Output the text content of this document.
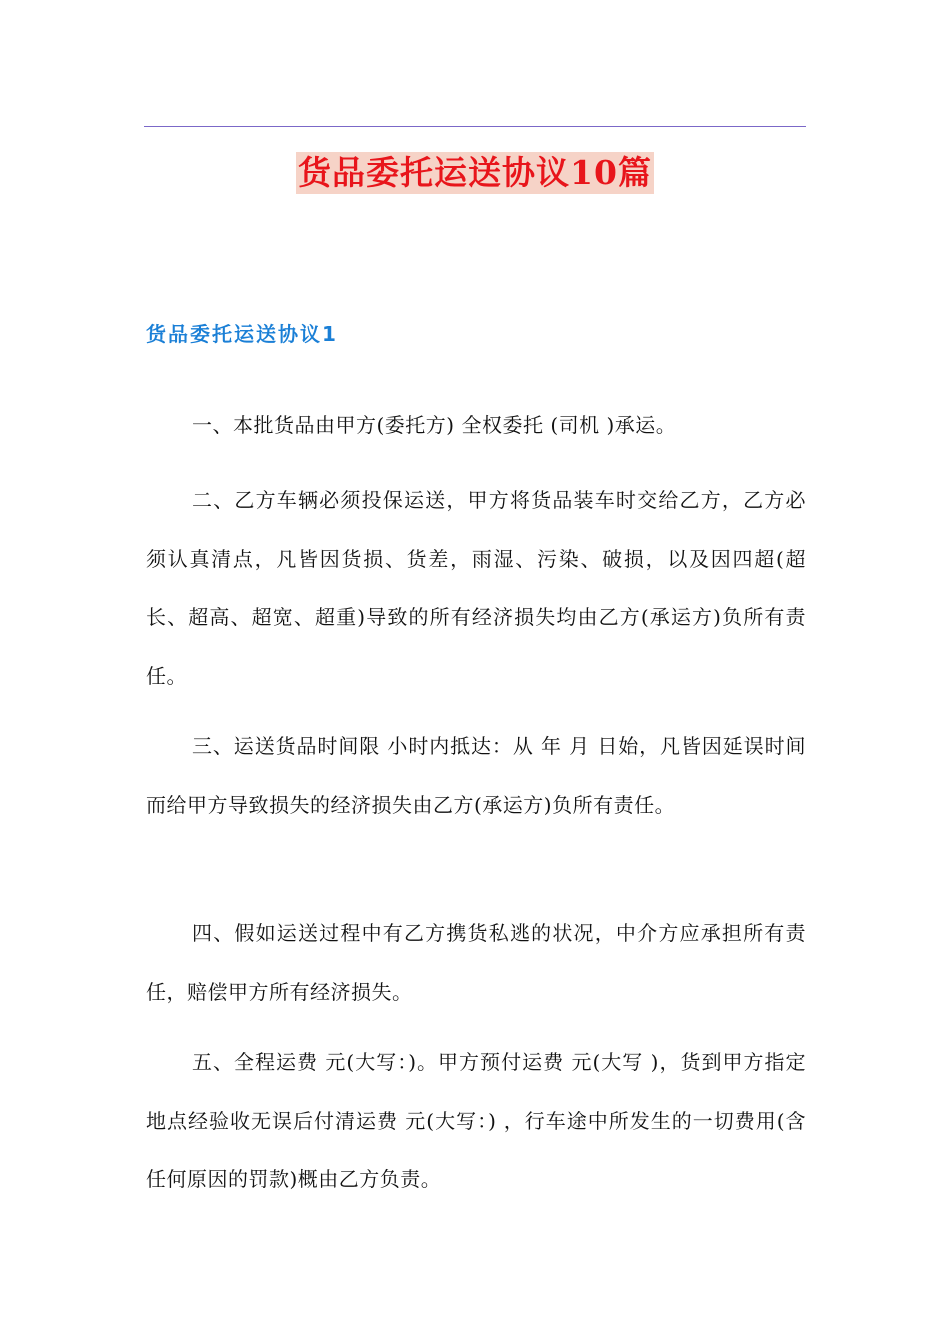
货品委托运送协议10篇
货品委托运送协议1

一、本批货品由甲方(委托方) 全权委托 (司机 )承运。

二、乙方车辆必须投保运送，甲方将货品装车时交给乙方，乙方必须认真清点，凡皆因货损、货差，雨湿、污染、破损，以及因四超(超长、超高、超宽、超重)导致的所有经济损失均由乙方(承运方)负所有责任。

三、运送货品时间限 小时内抵达：从 年 月 日始，凡皆因延误时间而给甲方导致损失的经济损失由乙方(承运方)负所有责任。

四、假如运送过程中有乙方携货私逃的状况，中介方应承担所有责任，赔偿甲方所有经济损失。

五、全程运费 元(大写：)。甲方预付运费 元(大写 )，货到甲方指定地点经验收无误后付清运费 元(大写：) ，行车途中所发生的一切费用(含任何原因的罚款)概由乙方负责。
